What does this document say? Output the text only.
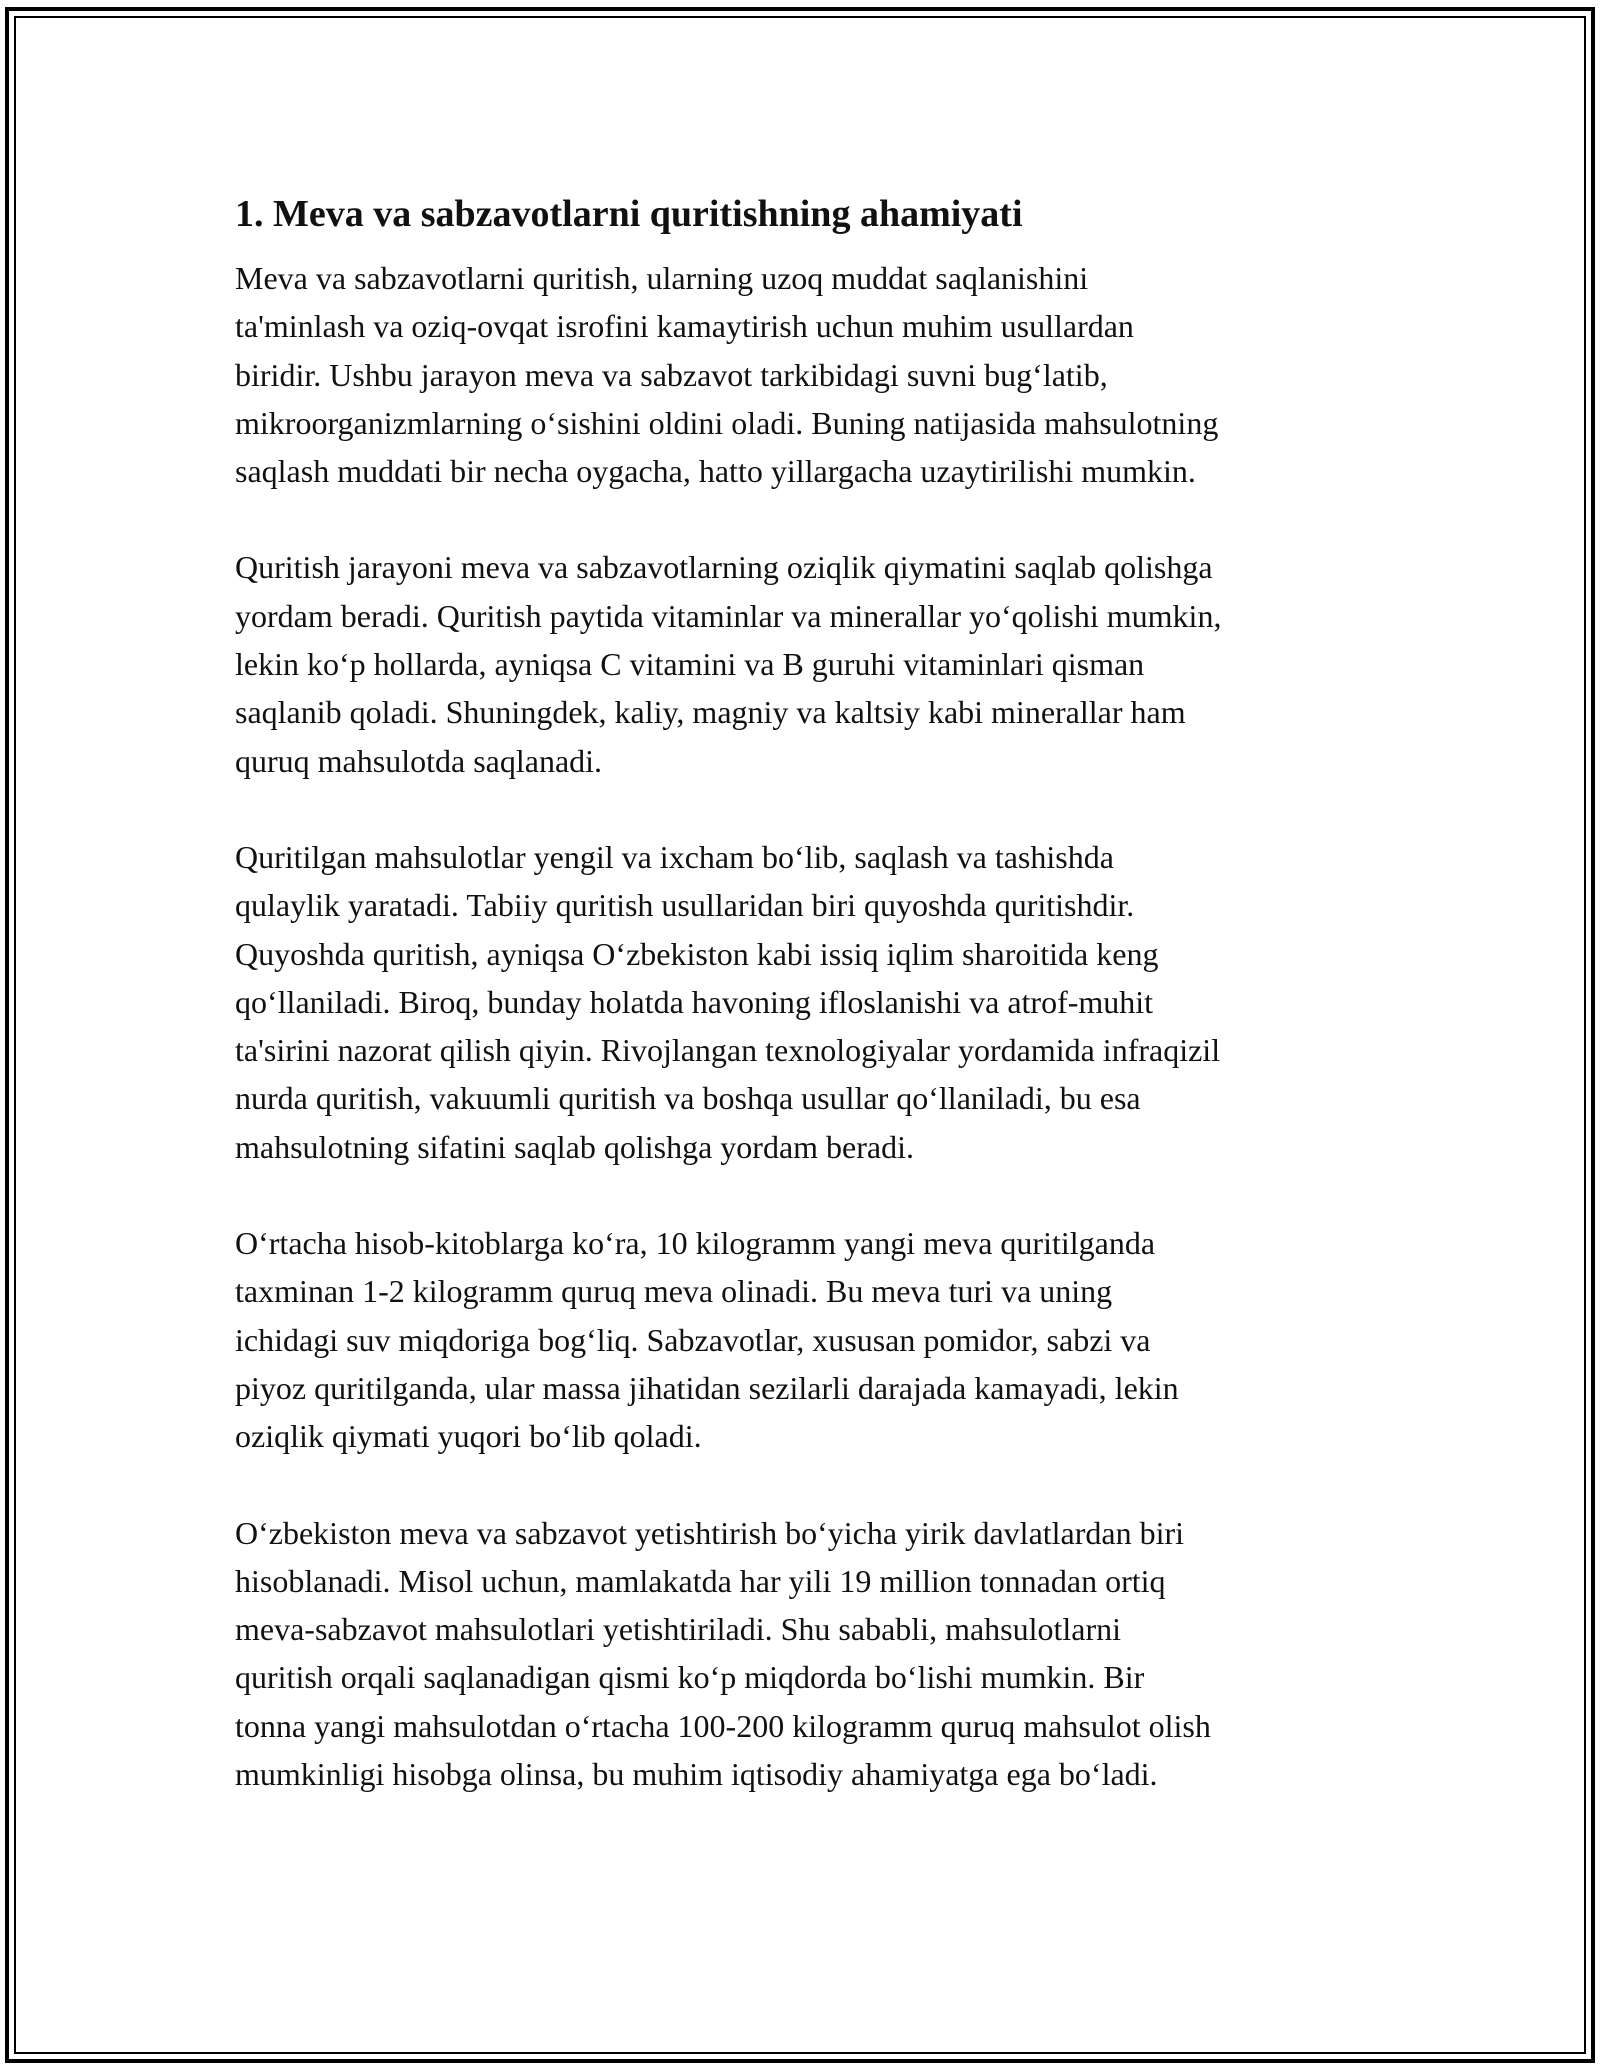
1. Meva va sabzavotlarni quritishning ahamiyati

Meva va sabzavotlarni quritish, ularning uzoq muddat saqlanishini
ta'minlash va oziq-ovqat isrofini kamaytirish uchun muhim usullardan
biridir. Ushbu jarayon meva va sabzavot tarkibidagi suvni bug‘latib,
mikroorganizmlarning o‘sishini oldini oladi. Buning natijasida mahsulotning
saqlash muddati bir necha oygacha, hatto yillargacha uzaytirilishi mumkin.

Quritish jarayoni meva va sabzavotlarning oziqlik qiymatini saqlab qolishga
yordam beradi. Quritish paytida vitaminlar va minerallar yo‘qolishi mumkin,
lekin ko‘p hollarda, ayniqsa C vitamini va B guruhi vitaminlari qisman
saqlanib qoladi. Shuningdek, kaliy, magniy va kaltsiy kabi minerallar ham
quruq mahsulotda saqlanadi.

Quritilgan mahsulotlar yengil va ixcham bo‘lib, saqlash va tashishda
qulaylik yaratadi. Tabiiy quritish usullaridan biri quyoshda quritishdir.
Quyoshda quritish, ayniqsa O‘zbekiston kabi issiq iqlim sharoitida keng
qo‘llaniladi. Biroq, bunday holatda havoning ifloslanishi va atrof-muhit
ta'sirini nazorat qilish qiyin. Rivojlangan texnologiyalar yordamida infraqizil
nurda quritish, vakuumli quritish va boshqa usullar qo‘llaniladi, bu esa
mahsulotning sifatini saqlab qolishga yordam beradi.

O‘rtacha hisob-kitoblarga ko‘ra, 10 kilogramm yangi meva quritilganda
taxminan 1-2 kilogramm quruq meva olinadi. Bu meva turi va uning
ichidagi suv miqdoriga bog‘liq. Sabzavotlar, xususan pomidor, sabzi va
piyoz quritilganda, ular massa jihatidan sezilarli darajada kamayadi, lekin
oziqlik qiymati yuqori bo‘lib qoladi.

O‘zbekiston meva va sabzavot yetishtirish bo‘yicha yirik davlatlardan biri
hisoblanadi. Misol uchun, mamlakatda har yili 19 million tonnadan ortiq
meva-sabzavot mahsulotlari yetishtiriladi. Shu sababli, mahsulotlarni
quritish orqali saqlanadigan qismi ko‘p miqdorda bo‘lishi mumkin. Bir
tonna yangi mahsulotdan o‘rtacha 100-200 kilogramm quruq mahsulot olish
mumkinligi hisobga olinsa, bu muhim iqtisodiy ahamiyatga ega bo‘ladi.
